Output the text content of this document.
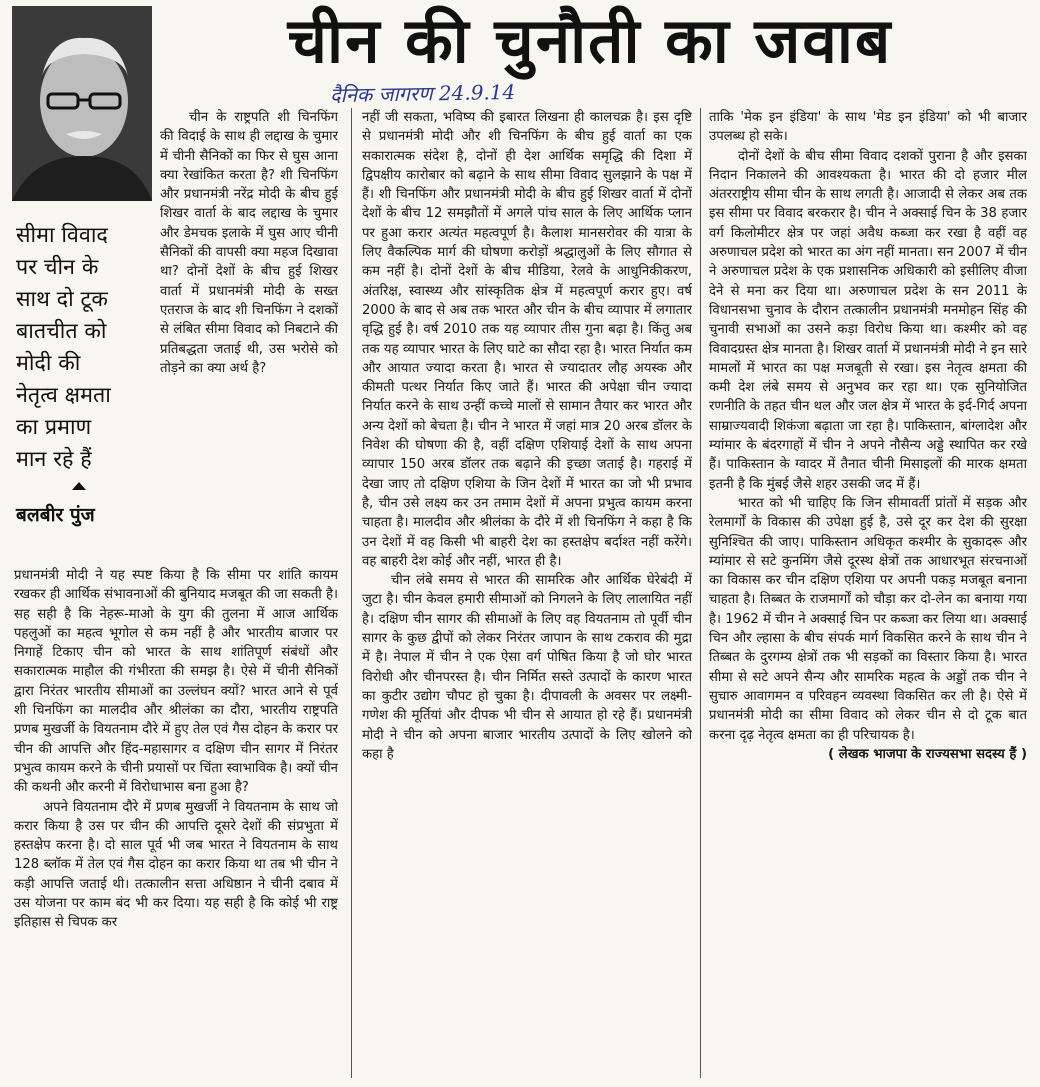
चीन की चुनौती का जवाब
दैनिक जागरण 24.9.14

सीमा विवाद

पर चीन के

साथ दो टूक

बातचीत को

मोदी की

नेतृत्व क्षमता

का प्रमाण

मान रहे हैं

बलबीर पुंज

चीन के राष्ट्रपति शी चिनफिंग की विदाई के साथ ही लद्दाख के चुमार में चीनी सैनिकों का फिर से घुस आना क्या रेखांकित करता है? शी चिनफिंग और प्रधानमंत्री नरेंद्र मोदी के बीच हुई शिखर वार्ता के बाद लद्दाख के चुमार और डेमचक इलाके में घुस आए चीनी सैनिकों की वापसी क्या महज दिखावा था? दोनों देशों के बीच हुई शिखर वार्ता में प्रधानमंत्री मोदी के सख्त एतराज के बाद शी चिनफिंग ने दशकों से लंबित सीमा विवाद को निबटाने की प्रतिबद्धता जताई थी, उस भरोसे को तोड़ने का क्या अर्थ है?

प्रधानमंत्री मोदी ने यह स्पष्ट किया है कि सीमा पर शांति कायम रखकर ही आर्थिक संभावनाओं की बुनियाद मजबूत की जा सकती है। सह सही है कि नेहरू-माओ के युग की तुलना में आज आर्थिक पहलुओं का महत्व भूगोल से कम नहीं है और भारतीय बाजार पर निगाहें टिकाए चीन को भारत के साथ शांतिपूर्ण संबंधों और सकारात्मक माहौल की गंभीरता की समझ है। ऐसे में चीनी सैनिकों द्वारा निरंतर भारतीय सीमाओं का उल्लंघन क्यों? भारत आने से पूर्व शी चिनफिंग का मालदीव और श्रीलंका का दौरा, भारतीय राष्ट्रपति प्रणब मुखर्जी के वियतनाम दौरे में हुए तेल एवं गैस दोहन के करार पर चीन की आपत्ति और हिंद-महासागर व दक्षिण चीन सागर में निरंतर प्रभुत्व कायम करने के चीनी प्रयासों पर चिंता स्वाभाविक है। क्यों चीन की कथनी और करनी में विरोधाभास बना हुआ है?

अपने वियतनाम दौरे में प्रणब मुखर्जी ने वियतनाम के साथ जो करार किया है उस पर चीन की आपत्ति दूसरे देशों की संप्रभुता में हस्तक्षेप करना है। दो साल पूर्व भी जब भारत ने वियतनाम के साथ 128 ब्लॉक में तेल एवं गैस दोहन का करार किया था तब भी चीन ने कड़ी आपत्ति जताई थी। तत्कालीन सत्ता अधिष्ठान ने चीनी दबाव में उस योजना पर काम बंद भी कर दिया। यह सही है कि कोई भी राष्ट्र इतिहास से चिपक कर

नहीं जी सकता, भविष्य की इबारत लिखना ही कालचक्र है। इस दृष्टि से प्रधानमंत्री मोदी और शी चिनफिंग के बीच हुई वार्ता का एक सकारात्मक संदेश है, दोनों ही देश आर्थिक समृद्धि की दिशा में द्विपक्षीय कारोबार को बढ़ाने के साथ सीमा विवाद सुलझाने के पक्ष में हैं। शी चिनफिंग और प्रधानमंत्री मोदी के बीच हुई शिखर वार्ता में दोनों देशों के बीच 12 समझौतों में अगले पांच साल के लिए आर्थिक प्लान पर हुआ करार अत्यंत महत्वपूर्ण है। कैलाश मानसरोवर की यात्रा के लिए वैकल्पिक मार्ग की घोषणा करोड़ों श्रद्धालुओं के लिए सौगात से कम नहीं है। दोनों देशों के बीच मीडिया, रेलवे के आधुनिकीकरण, अंतरिक्ष, स्वास्थ्य और सांस्कृतिक क्षेत्र में महत्वपूर्ण करार हुए। वर्ष 2000 के बाद से अब तक भारत और चीन के बीच व्यापार में लगातार वृद्धि हुई है। वर्ष 2010 तक यह व्यापार तीस गुना बढ़ा है। किंतु अब तक यह व्यापार भारत के लिए घाटे का सौदा रहा है। भारत निर्यात कम और आयात ज्यादा करता है। भारत से ज्यादातर लौह अयस्क और कीमती पत्थर निर्यात किए जाते हैं। भारत की अपेक्षा चीन ज्यादा निर्यात करने के साथ उन्हीं कच्चे मालों से सामान तैयार कर भारत और अन्य देशों को बेचता है। चीन ने भारत में जहां मात्र 20 अरब डॉलर के निवेश की घोषणा की है, वहीं दक्षिण एशियाई देशों के साथ अपना व्यापार 150 अरब डॉलर तक बढ़ाने की इच्छा जताई है। गहराई में देखा जाए तो दक्षिण एशिया के जिन देशों में भारत का जो भी प्रभाव है, चीन उसे लक्ष्य कर उन तमाम देशों में अपना प्रभुत्व कायम करना चाहता है। मालदीव और श्रीलंका के दौरे में शी चिनफिंग ने कहा है कि उन देशों में वह किसी भी बाहरी देश का हस्तक्षेप बर्दाश्त नहीं करेंगे। वह बाहरी देश कोई और नहीं, भारत ही है।

चीन लंबे समय से भारत की सामरिक और आर्थिक घेरेबंदी में जुटा है। चीन केवल हमारी सीमाओं को निगलने के लिए लालायित नहीं है। दक्षिण चीन सागर की सीमाओं के लिए वह वियतनाम तो पूर्वी चीन सागर के कुछ द्वीपों को लेकर निरंतर जापान के साथ टकराव की मुद्रा में है। नेपाल में चीन ने एक ऐसा वर्ग पोषित किया है जो घोर भारत विरोधी और चीनपरस्त है। चीन निर्मित सस्ते उत्पादों के कारण भारत का कुटीर उद्योग चौपट हो चुका है। दीपावली के अवसर पर लक्ष्मी-गणेश की मूर्तियां और दीपक भी चीन से आयात हो रहे हैं। प्रधानमंत्री मोदी ने चीन को अपना बाजार भारतीय उत्पादों के लिए खोलने को कहा है

ताकि 'मेक इन इंडिया' के साथ 'मेड इन इंडिया' को भी बाजार उपलब्ध हो सके।

दोनों देशों के बीच सीमा विवाद दशकों पुराना है और इसका निदान निकालने की आवश्यकता है। भारत की दो हजार मील अंतरराष्ट्रीय सीमा चीन के साथ लगती है। आजादी से लेकर अब तक इस सीमा पर विवाद बरकरार है। चीन ने अक्साई चिन के 38 हजार वर्ग किलोमीटर क्षेत्र पर जहां अवैध कब्जा कर रखा है वहीं वह अरुणाचल प्रदेश को भारत का अंग नहीं मानता। सन 2007 में चीन ने अरुणाचल प्रदेश के एक प्रशासनिक अधिकारी को इसीलिए वीजा देने से मना कर दिया था। अरुणाचल प्रदेश के सन 2011 के विधानसभा चुनाव के दौरान तत्कालीन प्रधानमंत्री मनमोहन सिंह की चुनावी सभाओं का उसने कड़ा विरोध किया था। कश्मीर को वह विवादग्रस्त क्षेत्र मानता है। शिखर वार्ता में प्रधानमंत्री मोदी ने इन सारे मामलों में भारत का पक्ष मजबूती से रखा। इस नेतृत्व क्षमता की कमी देश लंबे समय से अनुभव कर रहा था। एक सुनियोजित रणनीति के तहत चीन थल और जल क्षेत्र में भारत के इर्द-गिर्द अपना साम्राज्यवादी शिकंजा बढ़ाता जा रहा है। पाकिस्तान, बांग्लादेश और म्यांमार के बंदरगाहों में चीन ने अपने नौसैन्य अड्डे स्थापित कर रखे हैं। पाकिस्तान के ग्वादर में तैनात चीनी मिसाइलों की मारक क्षमता इतनी है कि मुंबई जैसे शहर उसकी जद में हैं।

भारत को भी चाहिए कि जिन सीमावर्ती प्रांतों में सड़क और रेलमार्गों के विकास की उपेक्षा हुई है, उसे दूर कर देश की सुरक्षा सुनिश्चित की जाए। पाकिस्तान अधिकृत कश्मीर के सुकादरू और म्यांमार से सटे कुनमिंग जैसे दूरस्थ क्षेत्रों तक आधारभूत संरचनाओं का विकास कर चीन दक्षिण एशिया पर अपनी पकड़ मजबूत बनाना चाहता है। तिब्बत के राजमार्गों को चौड़ा कर दो-लेन का बनाया गया है। 1962 में चीन ने अक्साई चिन पर कब्जा कर लिया था। अक्साई चिन और ल्हासा के बीच संपर्क मार्ग विकसित करने के साथ चीन ने तिब्बत के दुरगम्य क्षेत्रों तक भी सड़कों का विस्तार किया है। भारत सीमा से सटे अपने सैन्य और सामरिक महत्व के अड्डों तक चीन ने सुचारु आवागमन व परिवहन व्यवस्था विकसित कर ली है। ऐसे में प्रधानमंत्री मोदी का सीमा विवाद को लेकर चीन से दो टूक बात करना दृढ़ नेतृत्व क्षमता का ही परिचायक है।

( लेखक भाजपा के राज्यसभा सदस्य हैं )
